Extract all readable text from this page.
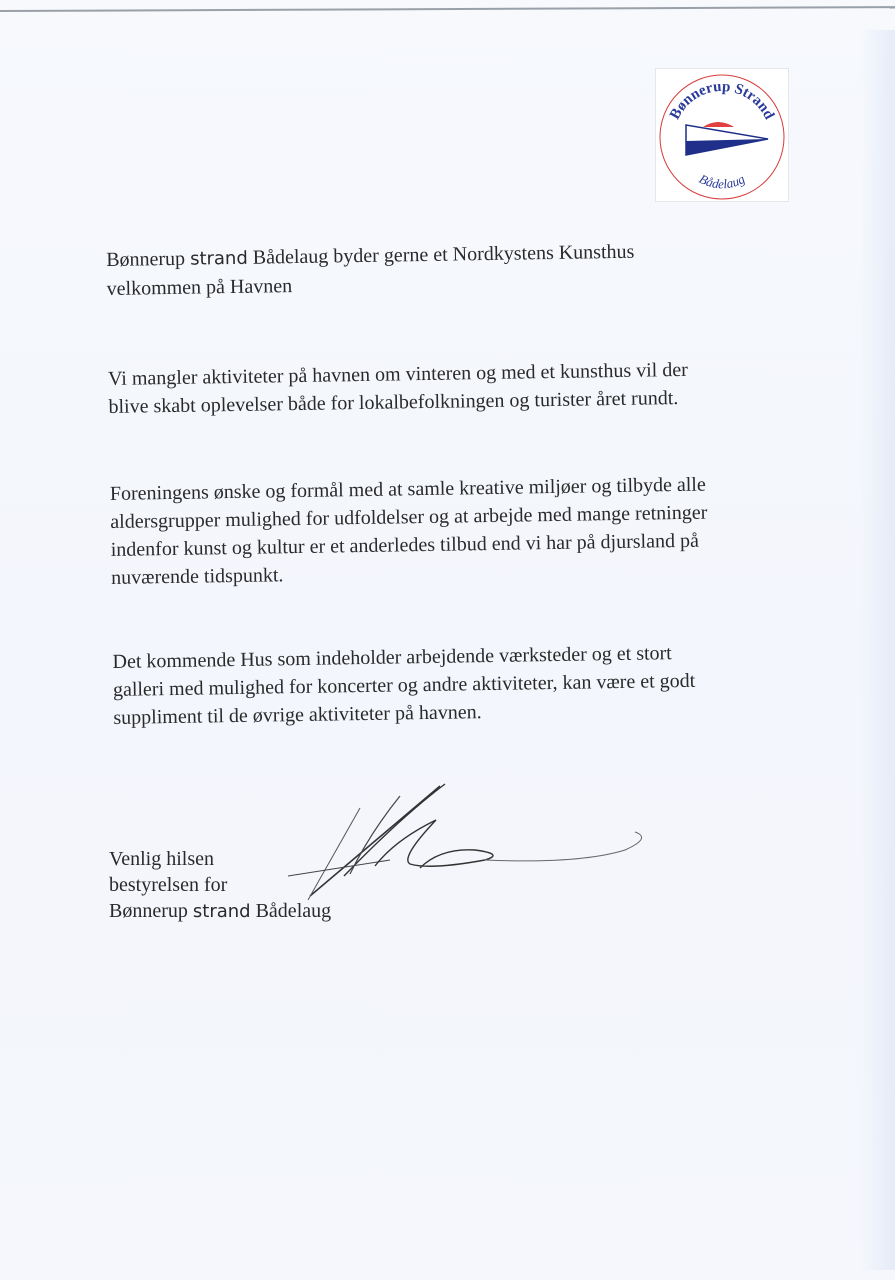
Bønnerup Strand
Bådelaug

Bønnerup strand Bådelaug byder gerne et Nordkystens Kunsthus
velkommen på Havnen

Vi mangler aktiviteter på havnen om vinteren og med et kunsthus vil der
blive skabt oplevelser både for lokalbefolkningen og turister året rundt.

Foreningens ønske og formål med at samle kreative miljøer og tilbyde alle
aldersgrupper mulighed for udfoldelser og at arbejde med mange retninger
indenfor kunst og kultur er et anderledes tilbud end vi har på djursland på
nuværende tidspunkt.

Det kommende Hus som indeholder arbejdende værksteder og et stort
galleri med mulighed for koncerter og andre aktiviteter, kan være et godt
suppliment til de øvrige aktiviteter på havnen.

Venlig hilsen
bestyrelsen for
Bønnerup strand Bådelaug
